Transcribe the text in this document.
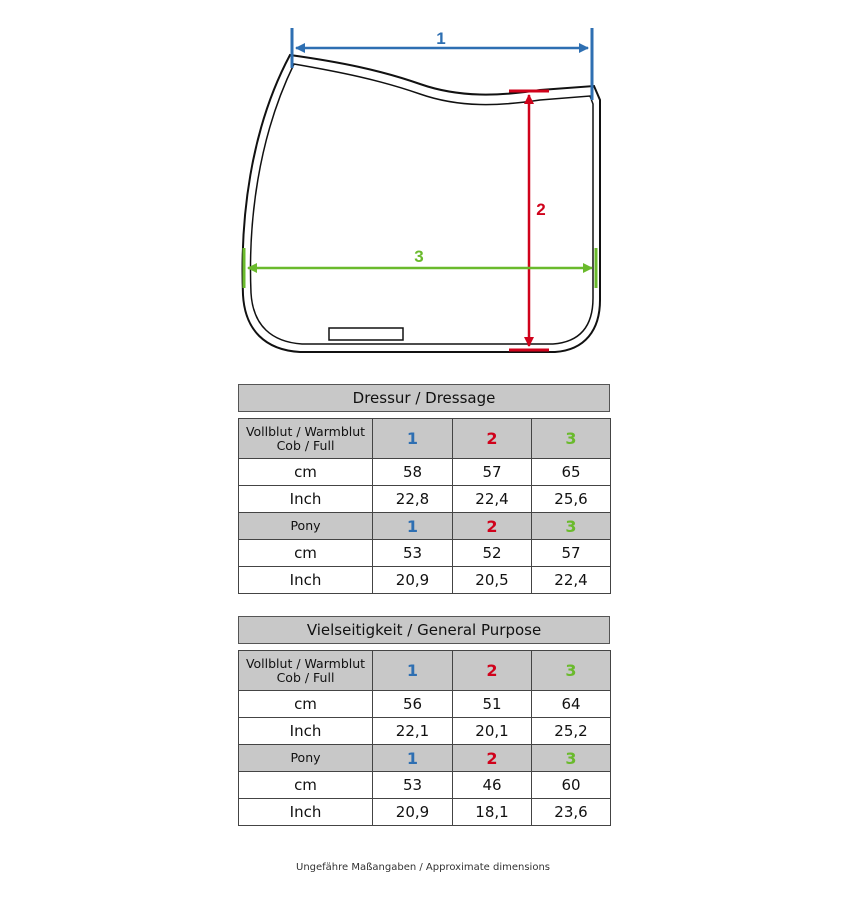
1
2
3
Dressur / Dressage
Vollblut / Warmblut
Cob / Full	1	2	3
cm	58	57	65
Inch	22,8	22,4	25,6
Pony	1	2	3
cm	53	52	57
Inch	20,9	20,5	22,4
Vielseitigkeit / General Purpose
Vollblut / Warmblut
Cob / Full	1	2	3
cm	56	51	64
Inch	22,1	20,1	25,2
Pony	1	2	3
cm	53	46	60
Inch	20,9	18,1	23,6
Ungefähre Maßangaben / Approximate dimensions
